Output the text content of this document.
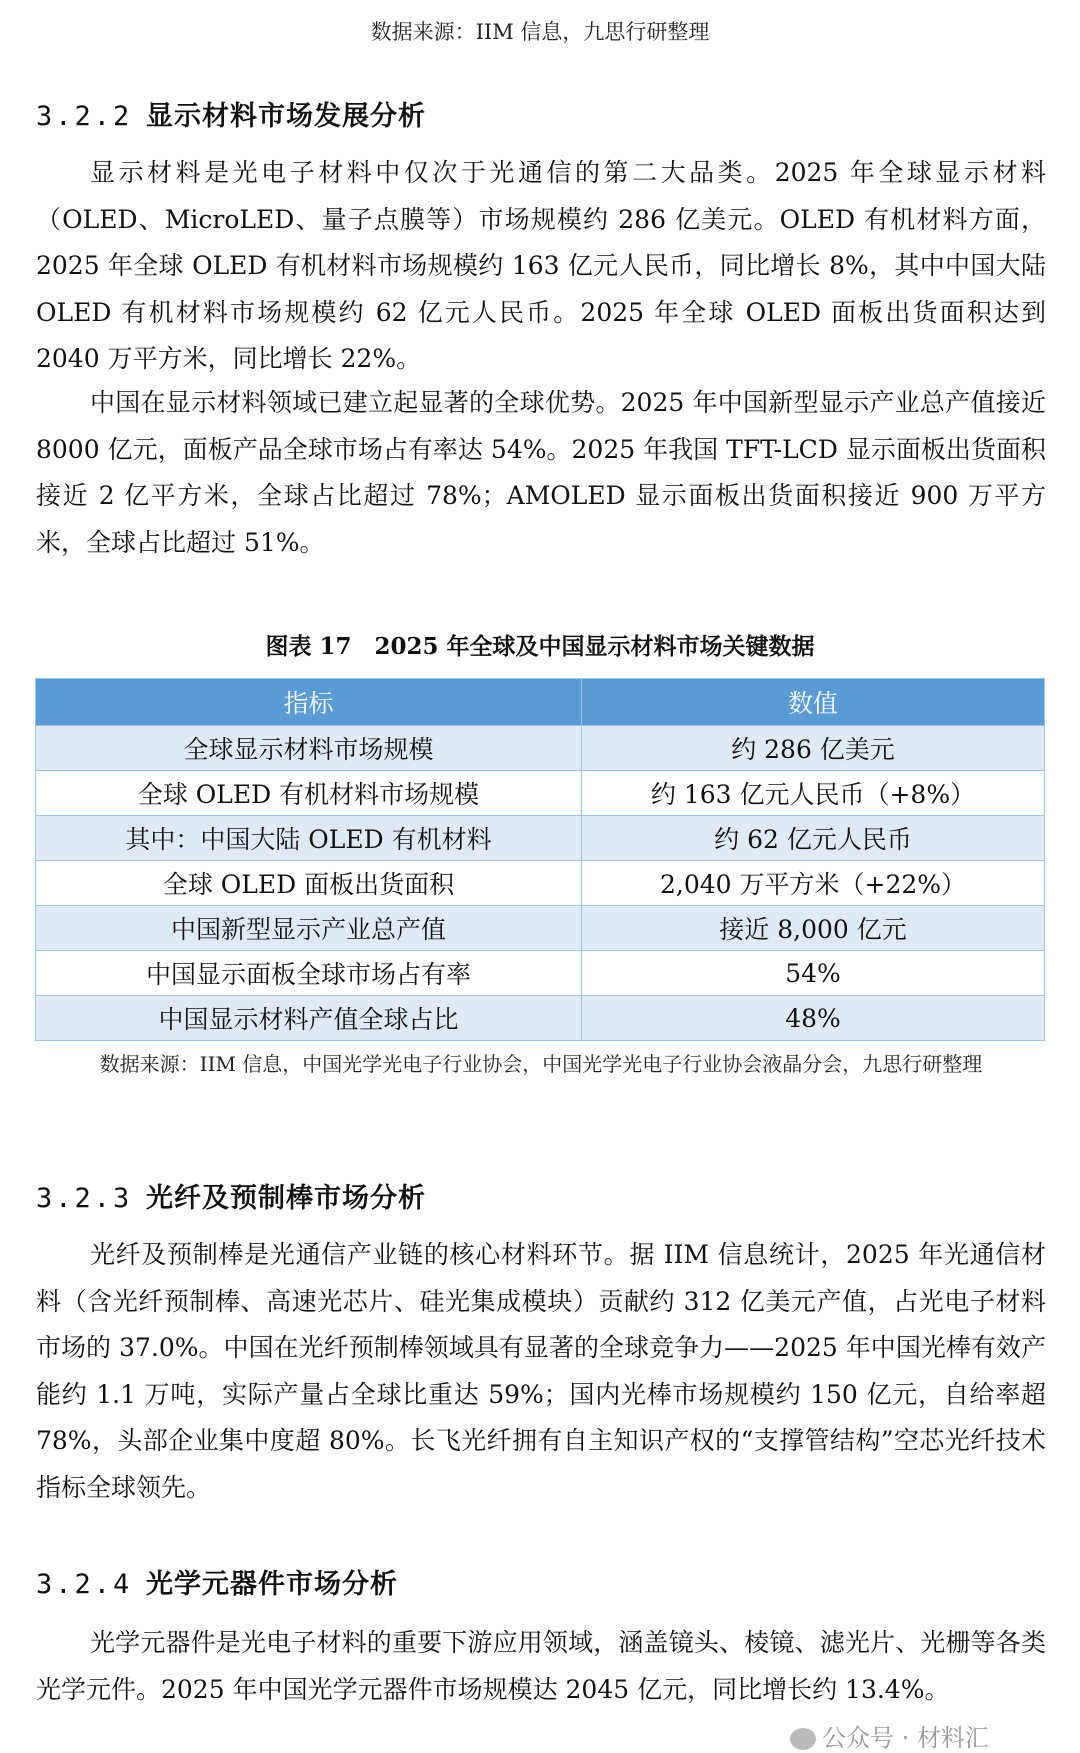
数据来源：IIM 信息，九思行研整理
3.2.2 显示材料市场发展分析

显示材料是光电子材料中仅次于光通信的第二大品类。2025 年全球显示材料（OLED、MicroLED、量子点膜等）市场规模约 286 亿美元。OLED 有机材料方面，2025 年全球 OLED 有机材料市场规模约 163 亿元人民币，同比增长 8%，其中中国大陆 OLED 有机材料市场规模约 62 亿元人民币。2025 年全球 OLED 面板出货面积达到 2040 万平方米，同比增长 22%。

中国在显示材料领域已建立起显著的全球优势。2025 年中国新型显示产业总产值接近 8000 亿元，面板产品全球市场占有率达 54%。2025 年我国 TFT-LCD 显示面板出货面积接近 2 亿平方米，全球占比超过 78%；AMOLED 显示面板出货面积接近 900 万平方米，全球占比超过 51%。

图表 17　2025 年全球及中国显示材料市场关键数据
指标	数值
全球显示材料市场规模	约 286 亿美元
全球 OLED 有机材料市场规模	约 163 亿元人民币（+8%）
其中：中国大陆 OLED 有机材料	约 62 亿元人民币
全球 OLED 面板出货面积	2,040 万平方米（+22%）
中国新型显示产业总产值	接近 8,000 亿元
中国显示面板全球市场占有率	54%
中国显示材料产值全球占比	48%
数据来源：IIM 信息，中国光学光电子行业协会，中国光学光电子行业协会液晶分会，九思行研整理
3.2.3 光纤及预制棒市场分析

光纤及预制棒是光通信产业链的核心材料环节。据 IIM 信息统计，2025 年光通信材料（含光纤预制棒、高速光芯片、硅光集成模块）贡献约 312 亿美元产值，占光电子材料市场的 37.0%。中国在光纤预制棒领域具有显著的全球竞争力——2025 年中国光棒有效产能约 1.1 万吨，实际产量占全球比重达 59%；国内光棒市场规模约 150 亿元，自给率超 78%，头部企业集中度超 80%。长飞光纤拥有自主知识产权的“支撑管结构”空芯光纤技术指标全球领先。

3.2.4 光学元器件市场分析

光学元器件是光电子材料的重要下游应用领域，涵盖镜头、棱镜、滤光片、光栅等各类光学元件。2025 年中国光学元器件市场规模达 2045 亿元，同比增长约 13.4%。

公众号 · 材料汇
